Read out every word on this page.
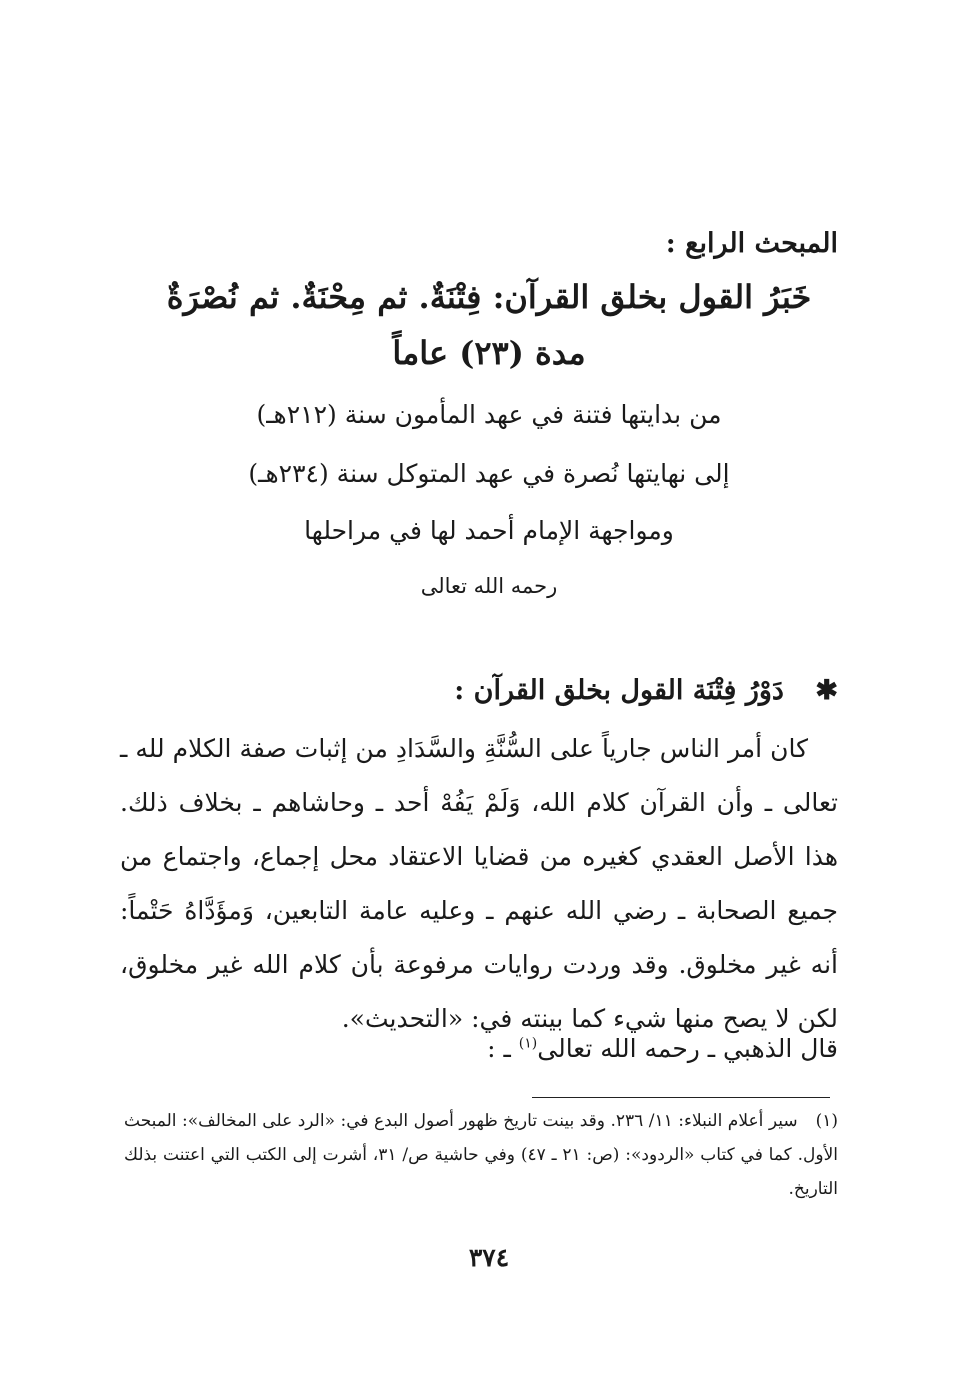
المبحث الرابع :
خَبَرُ القول بخلق القرآن: فِتْنَةٌ. ثم مِحْنَةٌ. ثم نُصْرَةٌ
مدة (٢٣) عاماً
من بدايتها فتنة في عهد المأمون سنة (٢١٢هـ)
إلى نهايتها نُصرة في عهد المتوكل سنة (٢٣٤هـ)
ومواجهة الإمام أحمد لها في مراحلها
رحمه الله تعالى
✱ دَوْرُ فِتْنَة القول بخلق القرآن :
كان أمر الناس جارياً على السُّنَّةِ والسَّدَادِ من إثبات صفة الكلام لله ـ تعالى ـ وأن القرآن كلام الله، وَلَمْ يَفُهْ أحد ـ وحاشاهم ـ بخلاف ذلك. هذا الأصل العقدي كغيره من قضايا الاعتقاد محل إجماع، واجتماع من جميع الصحابة ـ رضي الله عنهم ـ وعليه عامة التابعين، وَمؤَدَّاهُ حَتْماً: أنه غير مخلوق. وقد وردت روايات مرفوعة بأن كلام الله غير مخلوق، لكن لا يصح منها شيء كما بينته في: «التحديث».
قال الذهبي ـ رحمه الله تعالى$^{(١)}$ ـ :
(١)سير أعلام النبلاء: ١١/ ٢٣٦. وقد بينت تاريخ ظهور أصول البدع في: «الرد على المخالف»: المبحث الأول. كما في كتاب «الردود»: (ص: ٢١ ـ ٤٧) وفي حاشية ص/ ٣١، أشرت إلى الكتب التي اعتنت بذلك التاريخ.
٣٧٤
